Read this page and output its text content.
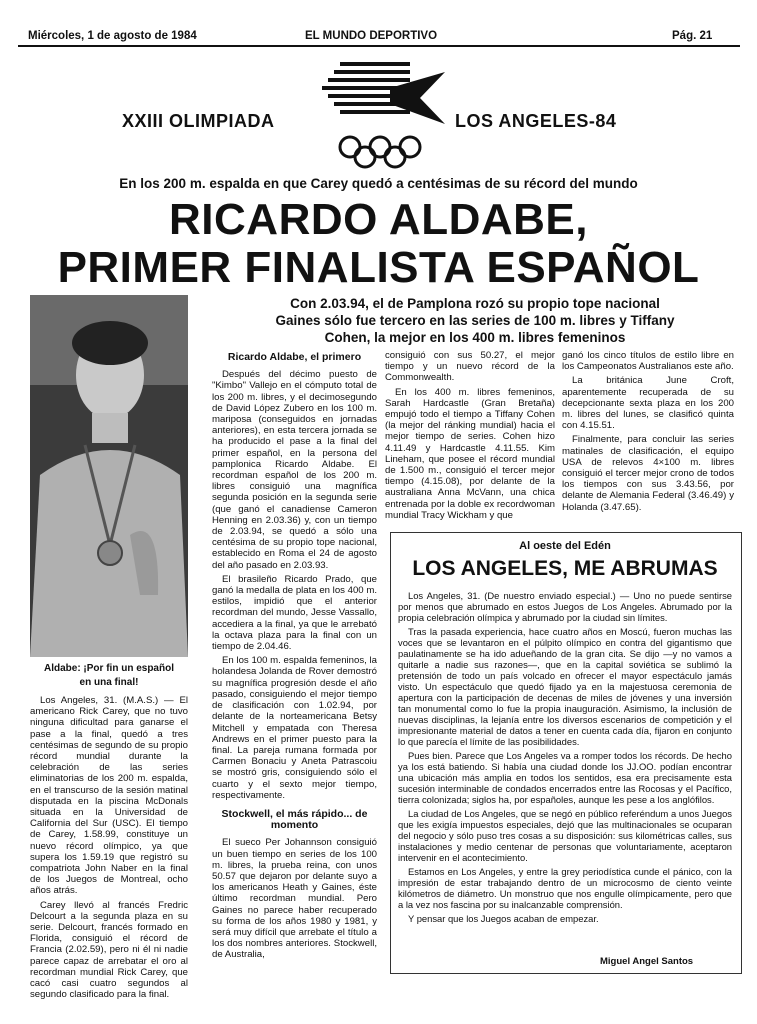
Miércoles, 1 de agosto de 1984	EL MUNDO DEPORTIVO	Pág. 21
XXIII OLIMPIADA	LOS ANGELES-84
En los 200 m. espalda en que Carey quedó a centésimas de su récord del mundo
RICARDO ALDABE,
PRIMER FINALISTA ESPAÑOL
Con 2.03.94, el de Pamplona rozó su propio tope nacional
Gaines sólo fue tercero en las series de 100 m. libres y Tiffany
Cohen, la mejor en los 400 m. libres femeninos
Aldabe: ¡Por fin un español
en una final!

Los Angeles, 31. (M.A.S.) — El americano Rick Carey, que no tuvo ninguna dificultad para ganarse el pase a la final, quedó a tres centésimas de segundo de su propio récord mundial durante la celebración de las series eliminatorias de los 200 m. espalda, en el transcurso de la sesión matinal disputada en la piscina McDonals situada en la Universidad de California del Sur (USC). El tiempo de Carey, 1.58.99, constituye un nuevo récord olímpico, ya que supera los 1.59.19 que registró su compatriota John Naber en la final de los Juegos de Montreal, ocho años atrás.

Carey llevó al francés Fredric Delcourt a la segunda plaza en su serie. Delcourt, francés formado en Florida, consiguió el récord de Francia (2.02.59), pero ni él ni nadie parece capaz de arrebatar el oro al recordman mundial Rick Carey, que cacó casi cuatro segundos al segundo clasificado para la final.

Ricardo Aldabe, el primero

Después del décimo puesto de "Kimbo" Vallejo en el cómputo total de los 200 m. libres, y el decimosegundo de David López Zubero en los 100 m. mariposa (conseguidos en jornadas anteriores), en esta tercera jornada se ha producido el pase a la final del primer español, en la persona del pamplonica Ricardo Aldabe. El recordman español de los 200 m. libres consiguió una magnífica segunda posición en la segunda serie (que ganó el canadiense Cameron Henning en 2.03.36) y, con un tiempo de 2.03.94, se quedó a sólo una centésima de su propio tope nacional, establecido en Roma el 24 de agosto del año pasado en 2.03.93.

El brasileño Ricardo Prado, que ganó la medalla de plata en los 400 m. estilos, impidió que el anterior recordman del mundo, Jesse Vassallo, accediera a la final, ya que le arrebató la octava plaza para la final con un tiempo de 2.04.46.

En los 100 m. espalda femeninos, la holandesa Jolanda de Rover demostró su magnífica progresión desde el año pasado, consiguiendo el mejor tiempo de clasificación con 1.02.94, por delante de la norteamericana Betsy Mitchell y empatada con Theresa Andrews en el primer puesto para la final. La pareja rumana formada por Carmen Bonaciu y Aneta Patrascoiu se mostró gris, consiguiendo sólo el cuarto y el sexto mejor tiempo, respectivamente.

Stockwell, el más rápido... de momento

El sueco Per Johannson consiguió un buen tiempo en series de los 100 m. libres, la prueba reina, con unos 50.57 que dejaron por delante suyo a los americanos Heath y Gaines, éste último recordman mundial. Pero Gaines no parece haber recuperado su forma de los años 1980 y 1981, y será muy difícil que arrebate el título a los dos nombres anteriores. Stockwell, de Australia,

consiguió con sus 50.27, el mejor tiempo y un nuevo récord de la Commonwealth.

En los 400 m. libres femeninos, Sarah Hardcastle (Gran Bretaña) empujó todo el tiempo a Tiffany Cohen (la mejor del ránking mundial) hacia el mejor tiempo de series. Cohen hizo 4.11.49 y Hardcastle 4.11.55. Kim Lineham, que posee el récord mundial de 1.500 m., consiguió el tercer mejor tiempo (4.15.08), por delante de la australiana Anna McVann, una chica entrenada por la doble ex recordwoman mundial Tracy Wickham y que

ganó los cinco títulos de estilo libre en los Campeonatos Australianos este año.

La británica June Croft, aparentemente recuperada de su decepcionante sexta plaza en los 200 m. libres del lunes, se clasificó quinta con 4.15.51.

Finalmente, para concluir las series matinales de clasificación, el equipo USA de relevos 4×100 m. libres consiguió el tercer mejor crono de todos los tiempos con sus 3.43.56, por delante de Alemania Federal (3.46.49) y Holanda (3.47.65).

Al oeste del Edén
LOS ANGELES, ME ABRUMAS

Los Angeles, 31. (De nuestro enviado especial.) — Uno no puede sentirse por menos que abrumado en estos Juegos de Los Angeles. Abrumado por la propia celebración olímpica y abrumado por la ciudad sin límites.

Tras la pasada experiencia, hace cuatro años en Moscú, fueron muchas las voces que se levantaron en el púlpito olímpico en contra del gigantismo que paulatinamente se ha ido adueñando de la gran cita. Se dijo —y no vamos a quitarle a nadie sus razones—, que en la capital soviética se sublimó la pretensión de todo un país volcado en ofrecer el mayor espectáculo jamás visto. Un espectáculo que quedó fijado ya en la majestuosa ceremonia de apertura con la participación de decenas de miles de jóvenes y una inversión tan monumental como lo fue la propia inauguración. Asimismo, la inclusión de nuevas disciplinas, la lejanía entre los diversos escenarios de competición y el impresionante material de datos a tener en cuenta cada día, fijaron en conjunto lo que parecía el límite de las posibilidades.

Pues bien. Parece que Los Angeles va a romper todos los récords. De hecho ya los está batiendo. Si había una ciudad donde los JJ.OO. podían encontrar una ubicación más amplia en todos los sentidos, esa era precisamente esta sucesión interminable de condados encerrados entre las Rocosas y el Pacífico, tierra colonizada; siglos ha, por españoles, aunque les pese a los anglófilos.

La ciudad de Los Angeles, que se negó en público referéndum a unos Juegos que les exigía impuestos especiales, dejó que las multinacionales se ocuparan del negocio y sólo puso tres cosas a su disposición: sus kilométricas calles, sus instalaciones y medio centenar de personas que voluntariamente, aceptaron intervenir en el acontecimiento.

Estamos en Los Angeles, y entre la grey periodística cunde el pánico, con la impresión de estar trabajando dentro de un microcosmo de ciento veinte kilómetros de diámetro. Un monstruo que nos engulle olímpicamente, pero que a la vez nos fascina por su inalcanzable comprensión.

Y pensar que los Juegos acaban de empezar.

Miguel Angel Santos
